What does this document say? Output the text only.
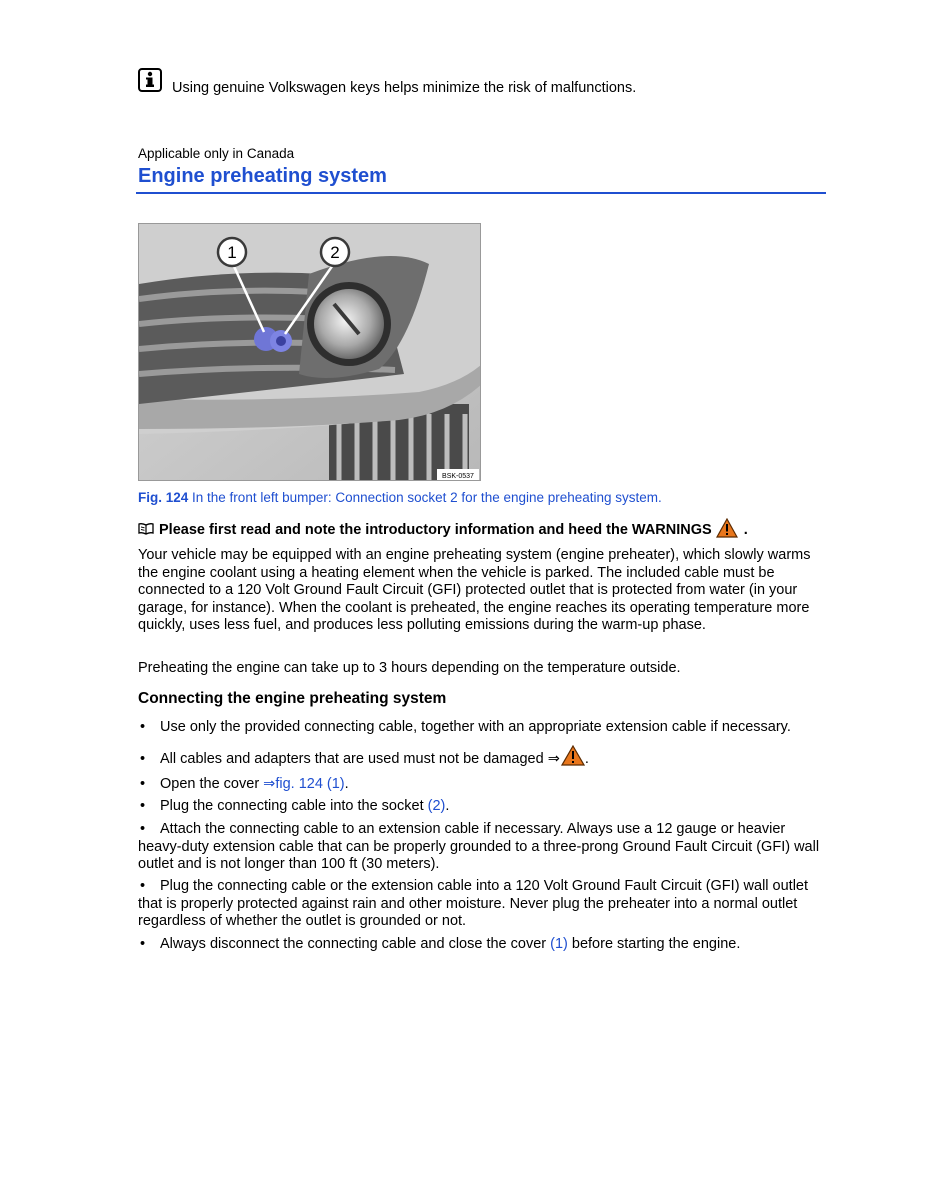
Using genuine Volkswagen keys helps minimize the risk of malfunctions.
Applicable only in Canada
Engine preheating system
1	2
BSK-0537
Fig. 124 In the front left bumper: Connection socket 2 for the engine preheating system.
Please first read and note the introductory information and heed the WARNINGS .
Your vehicle may be equipped with an engine preheating system (engine preheater), which slowly warms the engine coolant using a heating element when the vehicle is parked. The included cable must be connected to a 120 Volt Ground Fault Circuit (GFI) protected outlet that is protected from water (in your garage, for instance). When the coolant is preheated, the engine reaches its operating temperature more quickly, uses less fuel, and produces less polluting emissions during the warm-up phase.
Preheating the engine can take up to 3 hours depending on the temperature outside.
Connecting the engine preheating system
• Use only the provided connecting cable, together with an appropriate extension cable if necessary.
• All cables and adapters that are used must not be damaged ⇒ .
• Open the cover ⇒fig. 124 (1).
• Plug the connecting cable into the socket (2).
• Attach the connecting cable to an extension cable if necessary. Always use a 12 gauge or heavier heavy-duty extension cable that can be properly grounded to a three-prong Ground Fault Circuit (GFI) wall outlet and is not longer than 100 ft (30 meters).
• Plug the connecting cable or the extension cable into a 120 Volt Ground Fault Circuit (GFI) wall outlet that is properly protected against rain and other moisture. Never plug the preheater into a normal outlet regardless of whether the outlet is grounded or not.
• Always disconnect the connecting cable and close the cover (1) before starting the engine.
